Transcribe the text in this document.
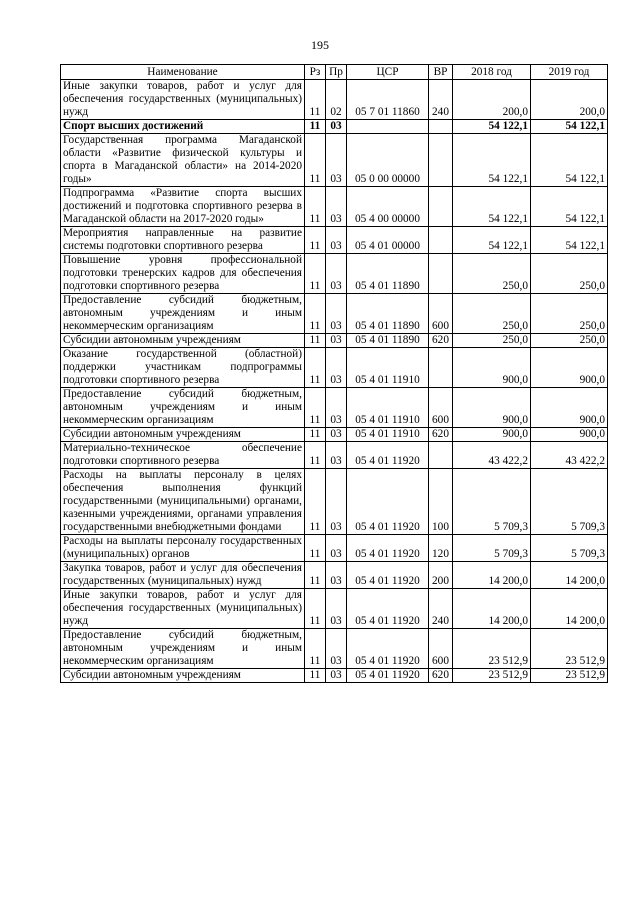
195
Наименование	Рз	Пр	ЦСР	ВР	2018 год	2019 год
Иные закупки товаров, работ и услуг для обеспечения государственных (муниципальных) нужд	11	02	05 7 01 11860	240	200,0	200,0
Спорт высших достижений	11	03			54 122,1	54 122,1
Государственная программа Магаданской области «Развитие физической культуры и спорта в Магаданской области» на 2014-2020 годы»	11	03	05 0 00 00000		54 122,1	54 122,1
Подпрограмма «Развитие спорта высших достижений и подготовка спортивного резерва в Магаданской области на 2017-2020 годы»	11	03	05 4 00 00000		54 122,1	54 122,1
Мероприятия направленные на развитие системы подготовки спортивного резерва	11	03	05 4 01 00000		54 122,1	54 122,1
Повышение уровня профессиональной подготовки тренерских кадров для обеспечения подготовки спортивного резерва	11	03	05 4 01 11890		250,0	250,0
Предоставление субсидий бюджетным, автономным учреждениям и иным некоммерческим организациям	11	03	05 4 01 11890	600	250,0	250,0
Субсидии автономным учреждениям	11	03	05 4 01 11890	620	250,0	250,0
Оказание государственной (областной) поддержки участникам подпрограммы подготовки спортивного резерва	11	03	05 4 01 11910		900,0	900,0
Предоставление субсидий бюджетным, автономным учреждениям и иным некоммерческим организациям	11	03	05 4 01 11910	600	900,0	900,0
Субсидии автономным учреждениям	11	03	05 4 01 11910	620	900,0	900,0
Материально-техническое обеспечение подготовки спортивного резерва	11	03	05 4 01 11920		43 422,2	43 422,2
Расходы на выплаты персоналу в целях обеспечения выполнения функций государственными (муниципальными) органами, казенными учреждениями, органами управления государственными внебюджетными фондами	11	03	05 4 01 11920	100	5 709,3	5 709,3
Расходы на выплаты персоналу государственных (муниципальных) органов	11	03	05 4 01 11920	120	5 709,3	5 709,3
Закупка товаров, работ и услуг для обеспечения государственных (муниципальных) нужд	11	03	05 4 01 11920	200	14 200,0	14 200,0
Иные закупки товаров, работ и услуг для обеспечения государственных (муниципальных) нужд	11	03	05 4 01 11920	240	14 200,0	14 200,0
Предоставление субсидий бюджетным, автономным учреждениям и иным некоммерческим организациям	11	03	05 4 01 11920	600	23 512,9	23 512,9
Субсидии автономным учреждениям	11	03	05 4 01 11920	620	23 512,9	23 512,9
